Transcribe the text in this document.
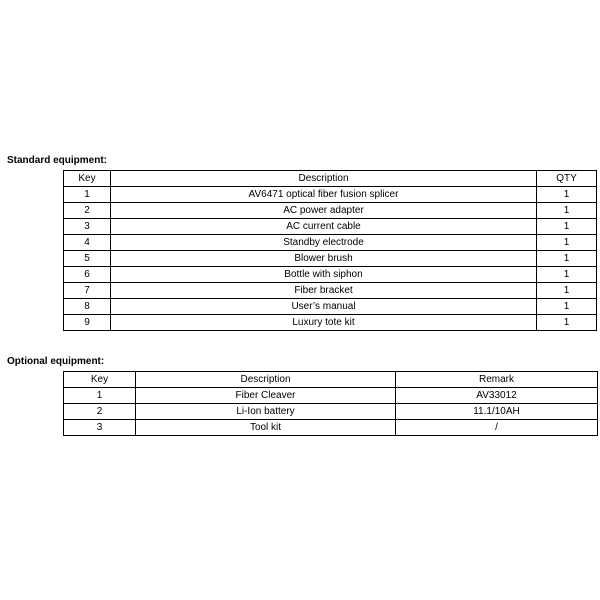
Standard equipment:

Key	Description	QTY
1	AV6471 optical fiber fusion splicer	1
2	AC power adapter	1
3	AC current cable	1
4	Standby electrode	1
5	Blower brush	1
6	Bottle with siphon	1
7	Fiber bracket	1
8	User’s manual	1
9	Luxury tote kit	1

Optional equipment:

Key	Description	Remark
1	Fiber Cleaver	AV33012
2	Li-Ion battery	11.1/10AH
3	Tool kit	/
